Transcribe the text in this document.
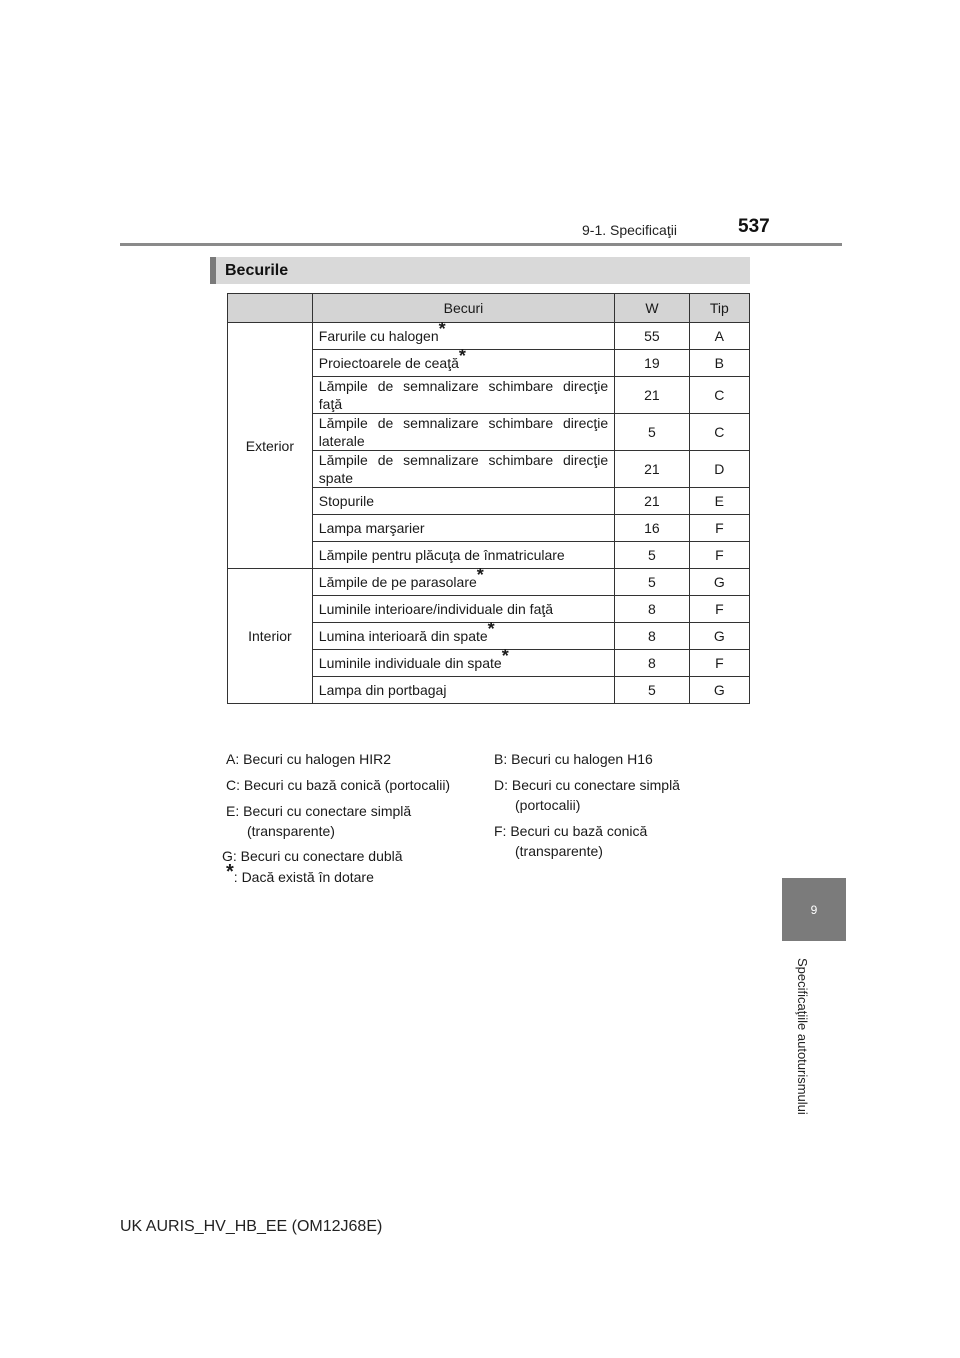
9-1. Specificaţii	537
9
Specificaţiile autoturismului
Becurile
	Becuri	W	Tip
Exterior	Farurile cu halogen*	55	A
	Proiectoarele de ceaţă*	19	B
	Lămpile de semnalizare schimbare direcţie faţă	21	C
	Lămpile de semnalizare schimbare direcţie laterale	5	C
	Lămpile de semnalizare schimbare direcţie spate	21	D
	Stopurile	21	E
	Lampa marşarier	16	F
	Lămpile pentru plăcuţa de înmatriculare	5	F
Interior	Lămpile de pe parasolare*	5	G
	Luminile interioare/individuale din faţă	8	F
	Lumina interioară din spate*	8	G
	Luminile individuale din spate*	8	F
	Lampa din portbagaj	5	G
A: Becuri cu halogen HIR2	B: Becuri cu halogen H16
C: Becuri cu bază conică (portocalii)	D: Becuri cu conectare simplă
(portocalii)
E: Becuri cu conectare simplă
(transparente)	F: Becuri cu bază conică
(transparente)
G: Becuri cu conectare dublă
*: Dacă există în dotare
UK AURIS_HV_HB_EE (OM12J68E)
